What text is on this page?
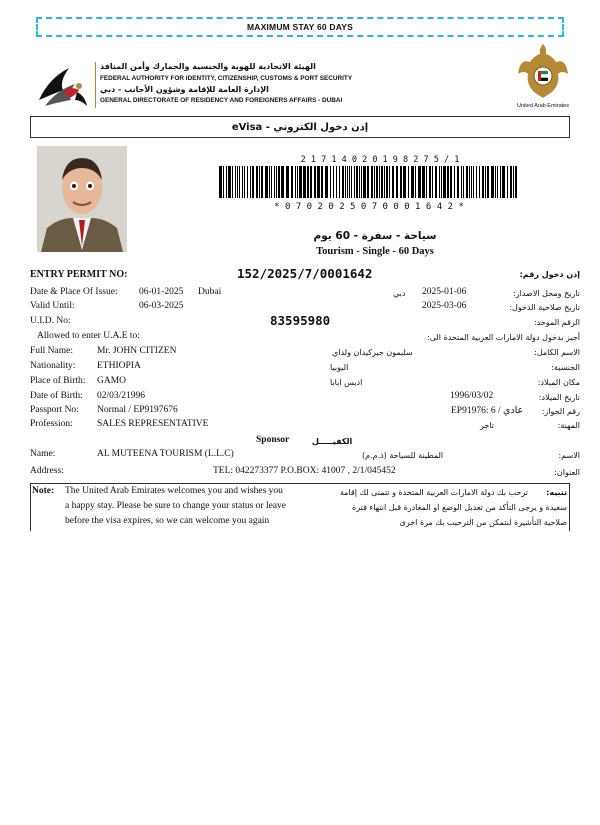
MAXIMUM STAY 60 DAYS
الهيئة الاتحادية للهوية والجنسية والجمارك وأمن المنافذ
FEDERAL AUTHORITY FOR IDENTITY, CITIZENSHIP, CUSTOMS & PORT SECURITY
الإدارة العامة للإقامة وشؤون الأجانب - دبي
GENERAL DIRECTORATE OF RESIDENCY AND FOREIGNERS AFFAIRS - DUBAI
United Arab Emirates
إذن دخول الكتروني - eVisa
2 1 7 1 4 0 2 0 1 9 8 2 7 5 / 1
* 0 7 0 2 0 2 5 0 7 0 0 0 1 6 4 2 *
سياحة - سفرة - 60 يوم
Tourism - Single - 60 Days
ENTRY PERMIT NO:	152/2025/7/0001642	إذن دخول رقم:
Date & Place Of Issue: 06-01-2025 Dubai	دبي 2025-01-06	تاريخ ومحل الاصدار:
Valid Until:	06-03-2025	2025-03-06	تاريخ صلاحية الدخول:
U.I.D. No:	83595980	الرقم الموحد:
Allowed to enter U.A.E to:	أجيز بدخول دولة الامارات العربية المتحدة الى:
Full Name:	Mr. JOHN CITIZEN	سليمون جيركيدان ولداي	الاسم الكامل:
Nationality: ETHIOPIA	اليوبيا	الجنسية:
Place of Birth: GAMO	اديس ابابا	مكان الميلاد:
Date of Birth: 02/03/21996	1996/03/02	تاريخ الميلاد:
Passport No: Normal / EP9197676	EP91976: 6 / عادي رقم الجواز:
Profession:	SALES REPRESENTATIVE	تاجر	المهنة:
Sponsor	الكفيـــــل
Name:	AL MUTEENA TOURISM (L.L.C)	المطينة للسياحة (ذ.م.م)	الاسم:
Address:	TEL: 042273377 P.O.BOX: 41007 , 2/1/045452	العنوان:
Note: The United Arab Emirates welcomes you and wishes you
a happy stay. Please be sure to change your status or leave
before the visa expires, so we can welcome you again
تنبيه:
ترحب بك دولة الامارات العربية المتحدة و تتمنى لك إقامة
سعيدة و يرجى التأكد من تعديل الوضع او المغادرة قبل انتهاء فترة
صلاحية التأشيرة لنتمكن من الترحيب بك مرة اخرى
